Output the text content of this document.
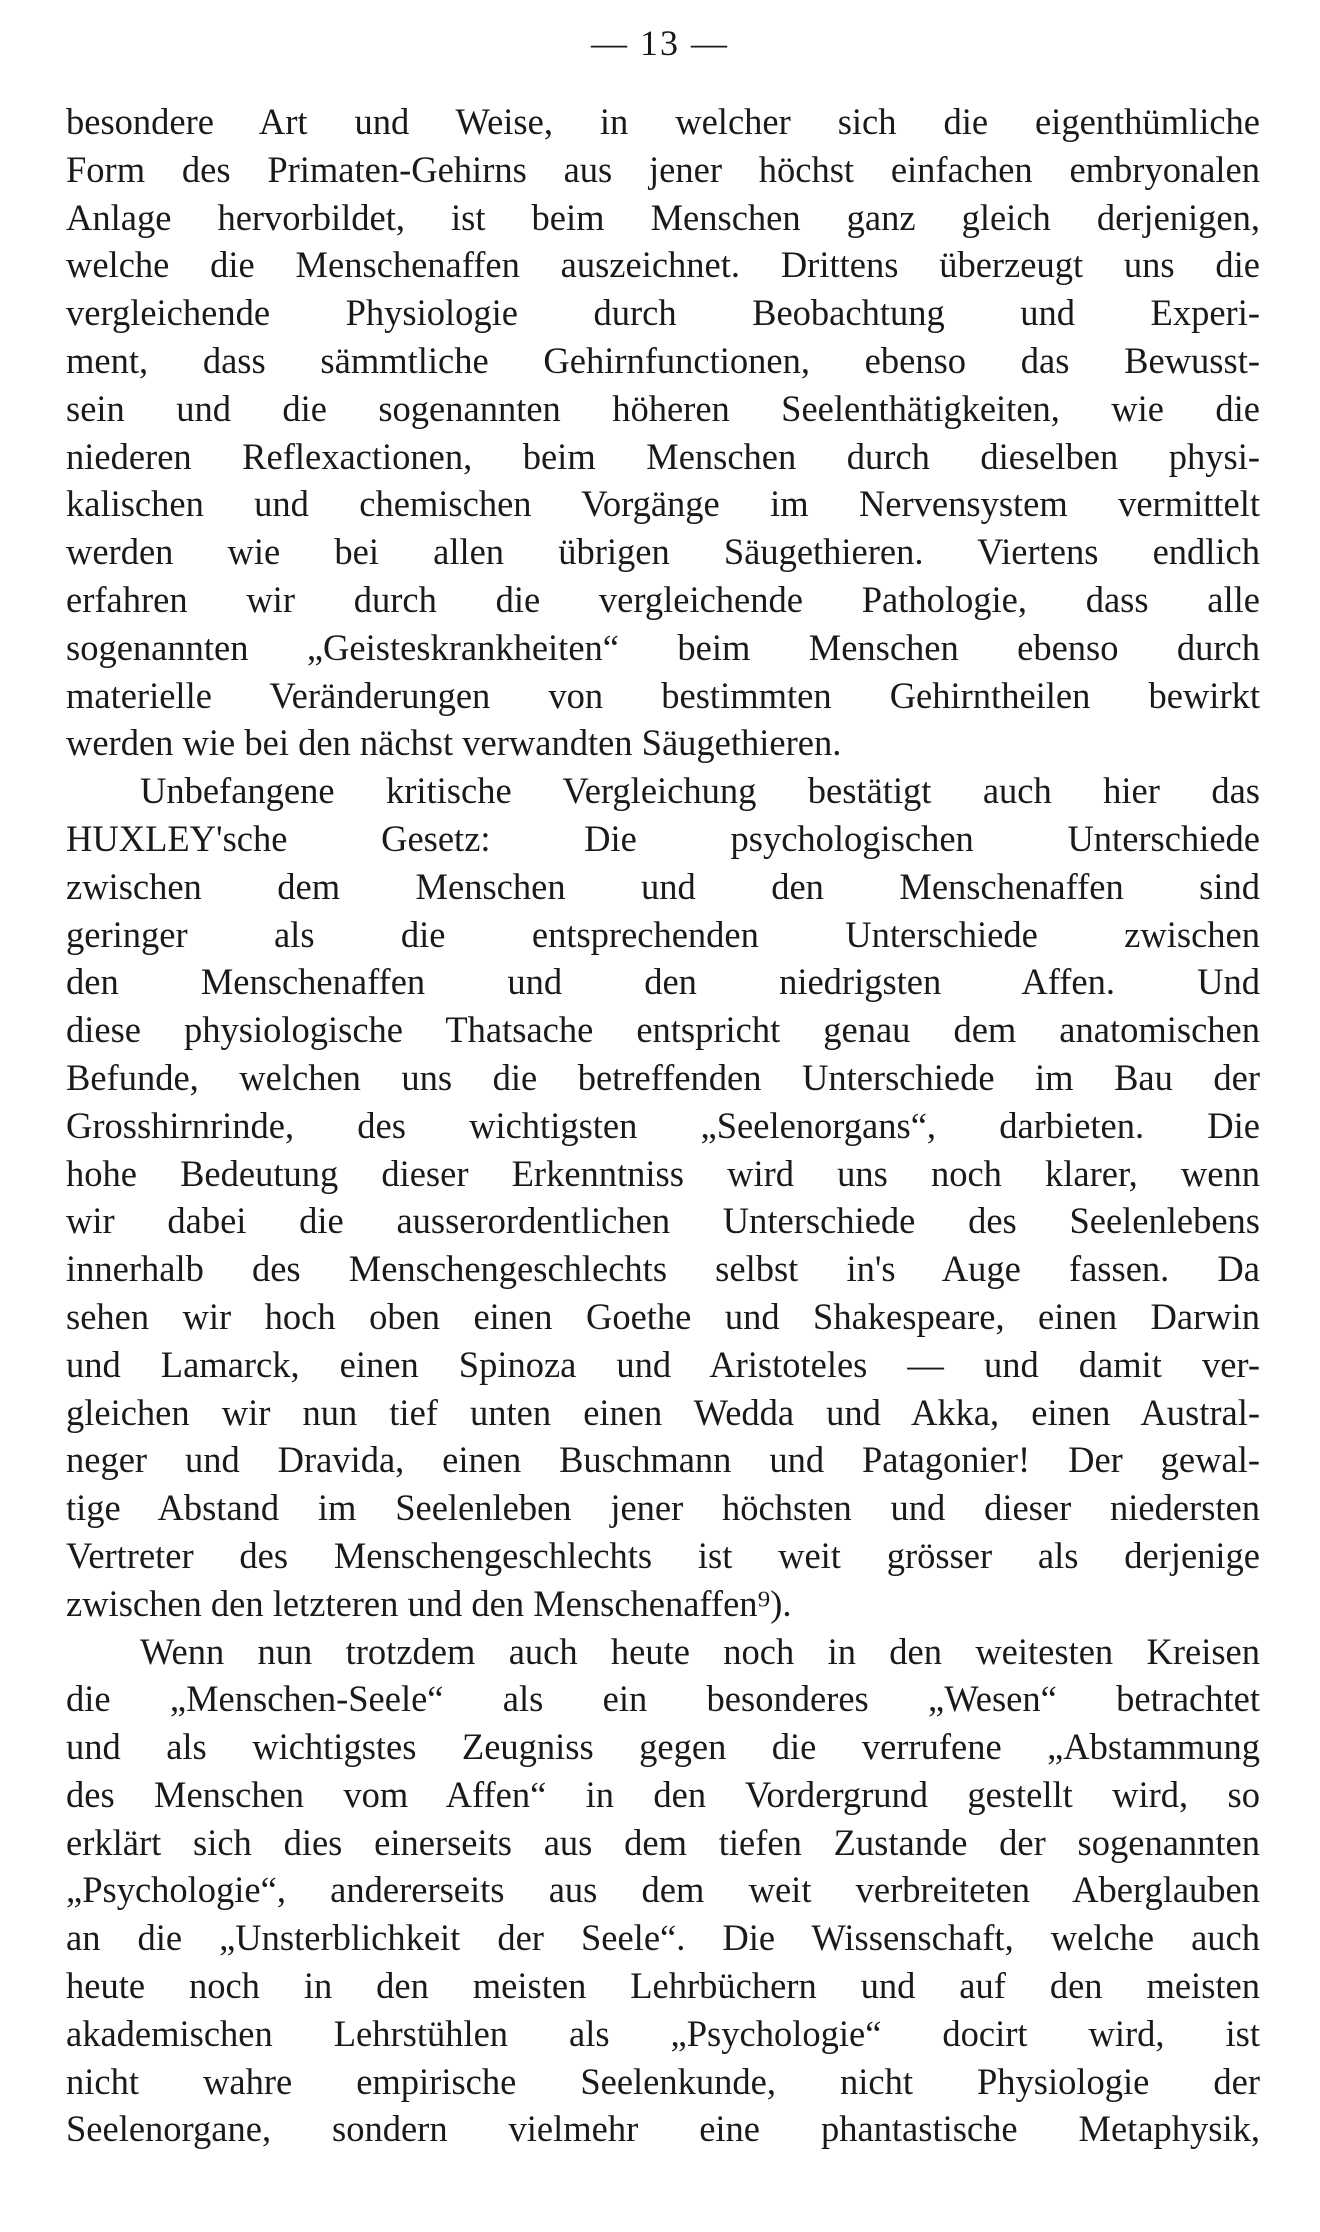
— 13 —
besondere Art und Weise, in welcher sich die eigenthümliche
Form des Primaten-Gehirns aus jener höchst einfachen embryonalen
Anlage hervorbildet, ist beim Menschen ganz gleich derjenigen,
welche die Menschenaffen auszeichnet. Drittens überzeugt uns die
vergleichende Physiologie durch Beobachtung und Experi-
ment, dass sämmtliche Gehirnfunctionen, ebenso das Bewusst-
sein und die sogenannten höheren Seelenthätigkeiten, wie die
niederen Reflexactionen, beim Menschen durch dieselben physi-
kalischen und chemischen Vorgänge im Nervensystem vermittelt
werden wie bei allen übrigen Säugethieren. Viertens endlich
erfahren wir durch die vergleichende Pathologie, dass alle
sogenannten „Geisteskrankheiten“ beim Menschen ebenso durch
materielle Veränderungen von bestimmten Gehirntheilen bewirkt
werden wie bei den nächst verwandten Säugethieren.
Unbefangene kritische Vergleichung bestätigt auch hier das
HUXLEY'sche Gesetz: Die psychologischen Unterschiede
zwischen dem Menschen und den Menschenaffen sind
geringer als die entsprechenden Unterschiede zwischen
den Menschenaffen und den niedrigsten Affen. Und
diese physiologische Thatsache entspricht genau dem anatomischen
Befunde, welchen uns die betreffenden Unterschiede im Bau der
Grosshirnrinde, des wichtigsten „Seelenorgans“, darbieten. Die
hohe Bedeutung dieser Erkenntniss wird uns noch klarer, wenn
wir dabei die ausserordentlichen Unterschiede des Seelenlebens
innerhalb des Menschengeschlechts selbst in's Auge fassen. Da
sehen wir hoch oben einen Goethe und Shakespeare, einen Darwin
und Lamarck, einen Spinoza und Aristoteles — und damit ver-
gleichen wir nun tief unten einen Wedda und Akka, einen Austral-
neger und Dravida, einen Buschmann und Patagonier! Der gewal-
tige Abstand im Seelenleben jener höchsten und dieser niedersten
Vertreter des Menschengeschlechts ist weit grösser als derjenige
zwischen den letzteren und den Menschenaffen⁹).
Wenn nun trotzdem auch heute noch in den weitesten Kreisen
die „Menschen-Seele“ als ein besonderes „Wesen“ betrachtet
und als wichtigstes Zeugniss gegen die verrufene „Abstammung
des Menschen vom Affen“ in den Vordergrund gestellt wird, so
erklärt sich dies einerseits aus dem tiefen Zustande der sogenannten
„Psychologie“, andererseits aus dem weit verbreiteten Aberglauben
an die „Unsterblichkeit der Seele“. Die Wissenschaft, welche auch
heute noch in den meisten Lehrbüchern und auf den meisten
akademischen Lehrstühlen als „Psychologie“ docirt wird, ist
nicht wahre empirische Seelenkunde, nicht Physiologie der
Seelenorgane, sondern vielmehr eine phantastische Metaphysik,
